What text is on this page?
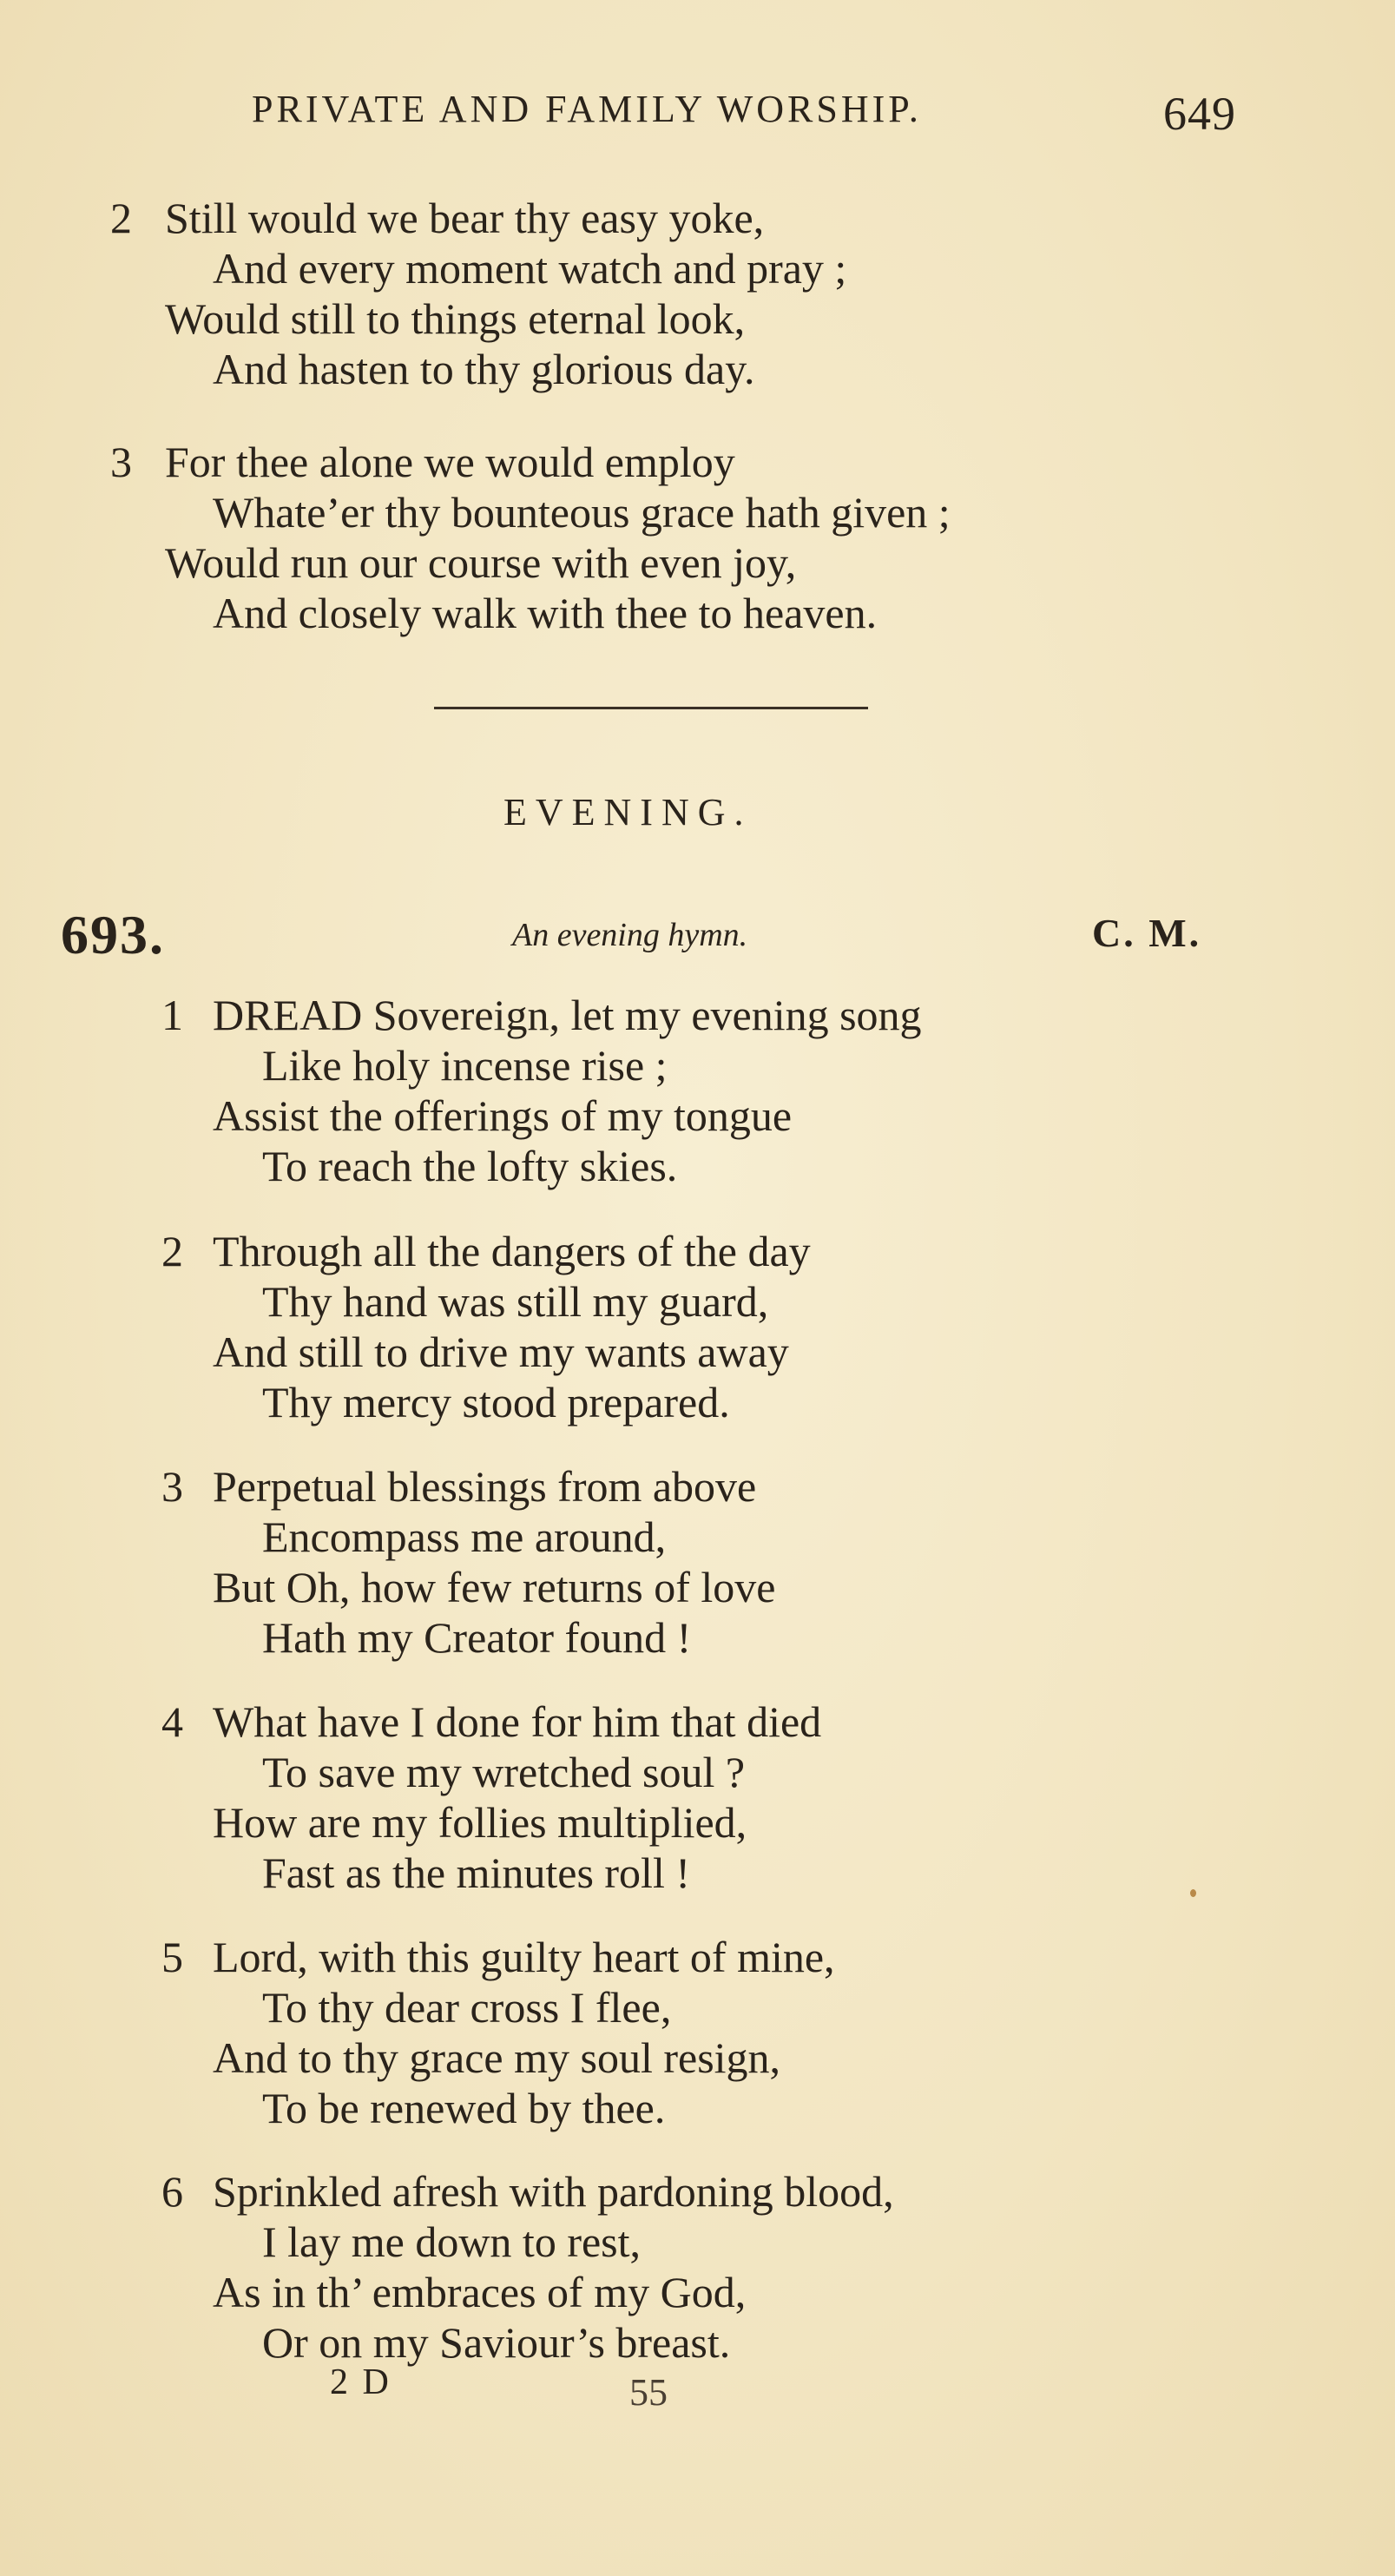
PRIVATE AND FAMILY WORSHIP.	649
2 Still would we bear thy easy yoke,
And every moment watch and pray ;
Would still to things eternal look,
And hasten to thy glorious day.
3 For thee alone we would employ
Whate’er thy bounteous grace hath given ;
Would run our course with even joy,
And closely walk with thee to heaven.
EVENING.
693.	An evening hymn.	C. M.
1 DREAD Sovereign, let my evening song
Like holy incense rise ;
Assist the offerings of my tongue
To reach the lofty skies.
2 Through all the dangers of the day
Thy hand was still my guard,
And still to drive my wants away
Thy mercy stood prepared.
3 Perpetual blessings from above
Encompass me around,
But Oh, how few returns of love
Hath my Creator found !
4 What have I done for him that died
To save my wretched soul ?
How are my follies multiplied,
Fast as the minutes roll !
5 Lord, with this guilty heart of mine,
To thy dear cross I flee,
And to thy grace my soul resign,
To be renewed by thee.
6 Sprinkled afresh with pardoning blood,
I lay me down to rest,
As in th’ embraces of my God,
Or on my Saviour’s breast.
2 D	55
